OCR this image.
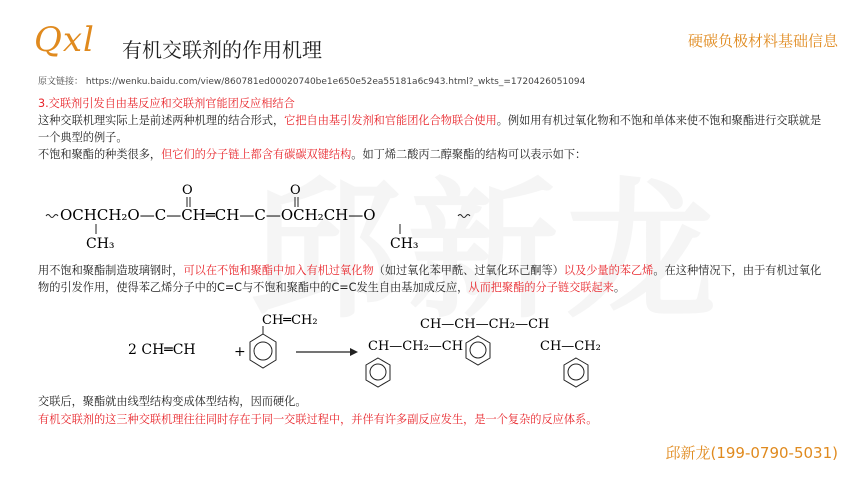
Qxl 有机交联剂的作用机理	硬碳负极材料基础信息
原文链接： https://wenku.baidu.com/view/860781ed00020740be1e650e52ea55181a6c943.html?_wkts_=1720426051094

3.交联剂引发自由基反应和交联剂官能团反应相结合

这种交联机理实际上是前述两种机理的结合形式，它把自由基引发剂和官能团化合物联合使用。例如用有机过氧化物和不饱和单体来使不饱和聚酯进行交联就是一个典型的例子。

不饱和聚酯的种类很多，但它们的分子链上都含有碳碳双键结构。如丁烯二酸丙二醇聚酯的结构可以表示如下：

OCHCH₂O—C—CH═CH—C—OCH₂CH—O
O	O
CH₃	CH₃
用不饱和聚酯制造玻璃钢时，可以在不饱和聚酯中加入有机过氧化物（如过氧化苯甲酰、过氧化环己酮等）以及少量的苯乙烯。在这种情况下，由于有机过氧化物的引发作用，使得苯乙烯分子中的C=C与不饱和聚酯中的C=C发生自由基加成反应，从而把聚酯的分子链交联起来。
2 CH═CH	+
CH═CH₂	CH—CH—CH₂—CH
CH—CH₂—CH	CH—CH₂

交联后，聚酯就由线型结构变成体型结构，因而硬化。

有机交联剂的这三种交联机理往往同时存在于同一交联过程中，并伴有许多副反应发生，是一个复杂的反应体系。

邱新龙(199-0790-5031)
